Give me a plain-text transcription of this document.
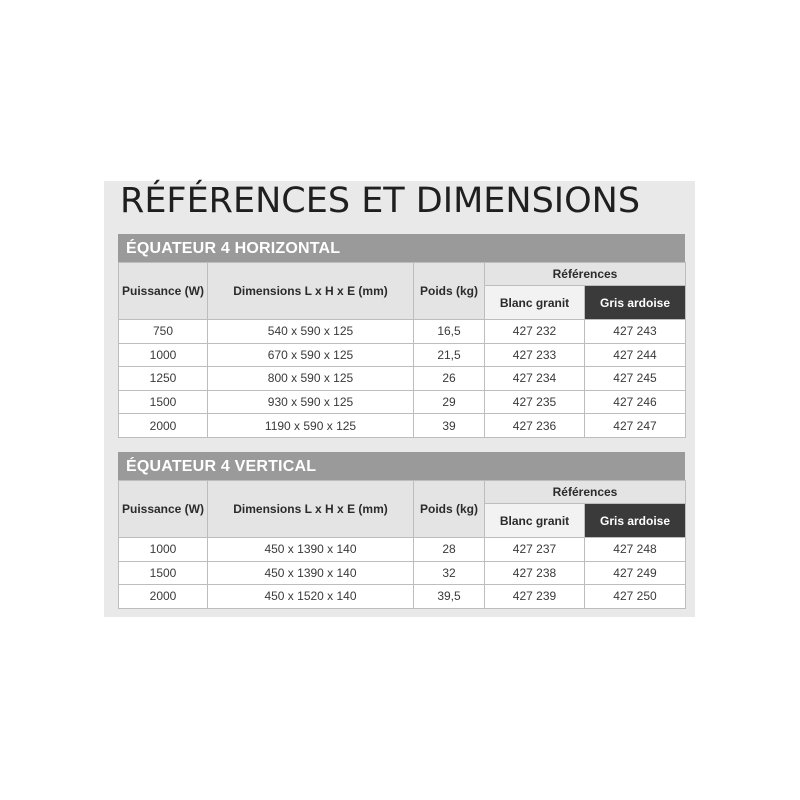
RÉFÉRENCES ET DIMENSIONS
ÉQUATEUR 4 HORIZONTAL
Puissance (W)	Dimensions L x H x E (mm)	Poids (kg)	Références	
			Blanc granit	Gris ardoise
750	540 x 590 x 125	16,5	427 232	427 243
1000	670 x 590 x 125	21,5	427 233	427 244
1250	800 x 590 x 125	26	427 234	427 245
1500	930 x 590 x 125	29	427 235	427 246
2000	1190 x 590 x 125	39	427 236	427 247
ÉQUATEUR 4 VERTICAL
Puissance (W)	Dimensions L x H x E (mm)	Poids (kg)	Références	
			Blanc granit	Gris ardoise
1000	450 x 1390 x 140	28	427 237	427 248
1500	450 x 1390 x 140	32	427 238	427 249
2000	450 x 1520 x 140	39,5	427 239	427 250
